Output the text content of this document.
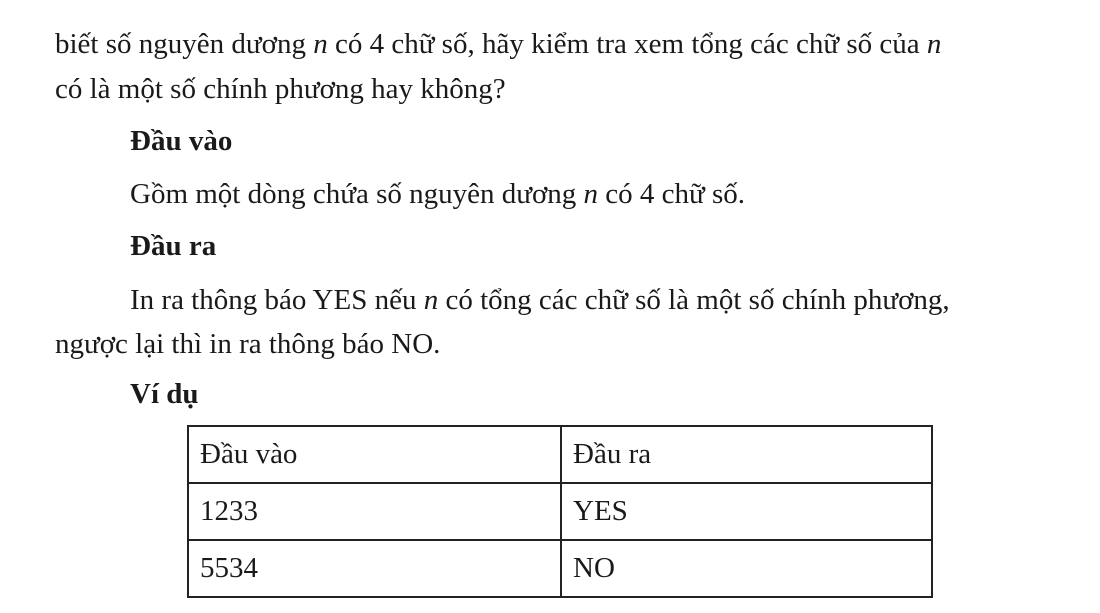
biết số nguyên dương n có 4 chữ số, hãy kiểm tra xem tổng các chữ số của n
có là một số chính phương hay không?
Đầu vào
Gồm một dòng chứa số nguyên dương n có 4 chữ số.
Đầu ra
In ra thông báo YES nếu n có tổng các chữ số là một số chính phương,
ngược lại thì in ra thông báo NO.
Ví dụ
Đầu vào	Đầu ra
1233	YES
5534	NO
